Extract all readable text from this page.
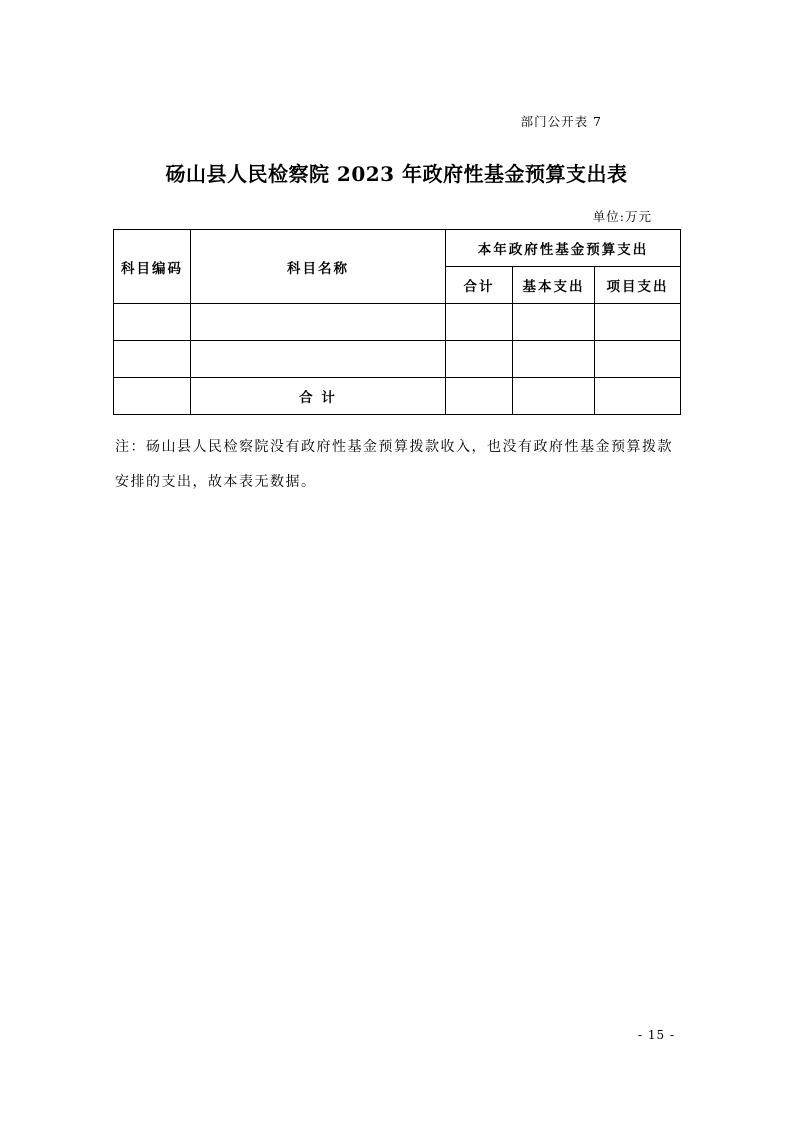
部门公开表 7
砀山县人民检察院 2023 年政府性基金预算支出表
单位:万元
科目编码	科目名称	本年政府性基金预算支出		
		合计	基本支出	项目支出

	合 计			
注：砀山县人民检察院没有政府性基金预算拨款收入，也没有政府性基金预算拨款安排的支出，故本表无数据。
- 15 -
